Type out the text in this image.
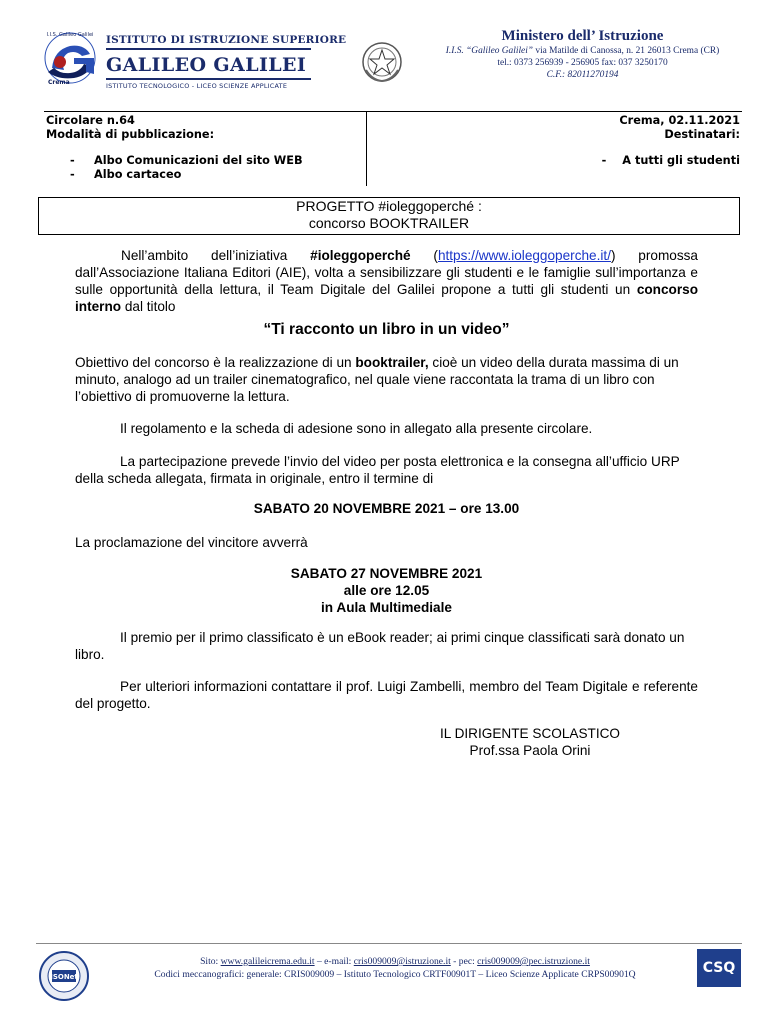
I.I.S. Galileo Galilei
Crema
ISTITUTO DI ISTRUZIONE SUPERIORE
GALILEO GALILEI
ISTITUTO TECNOLOGICO - LICEO SCIENZE APPLICATE
Ministero dell’ Istruzione
I.I.S. “Galileo Galilei” via Matilde di Canossa, n. 21 26013 Crema (CR)
tel.: 0373 256939 - 256905 fax: 037 3250170
C.F.: 82011270194
Circolare n.64
Modalità di pubblicazione:
- Albo Comunicazioni del sito WEB
- Albo cartaceo
Crema, 02.11.2021
Destinatari:
- A tutti gli studenti
PROGETTO #ioleggoperché :
concorso BOOKTRAILER
Nell’ambito dell’iniziativa #ioleggoperché (https://www.ioleggoperche.it/) promossa dall’Associazione Italiana Editori (AIE), volta a sensibilizzare gli studenti e le famiglie sull’importanza e sulle opportunità della lettura, il Team Digitale del Galilei propone a tutti gli studenti un concorso interno dal titolo
“Ti racconto un libro in un video”
Obiettivo del concorso è la realizzazione di un booktrailer, cioè un video della durata massima di un minuto, analogo ad un trailer cinematografico, nel quale viene raccontata la trama di un libro con l’obiettivo di promuoverne la lettura.
Il regolamento e la scheda di adesione sono in allegato alla presente circolare.
La partecipazione prevede l’invio del video per posta elettronica e la consegna all’ufficio URP della scheda allegata, firmata in originale, entro il termine di
SABATO 20 NOVEMBRE 2021 – ore 13.00
La proclamazione del vincitore avverrà
SABATO 27 NOVEMBRE 2021
alle ore 12.05
in Aula Multimediale
Il premio per il primo classificato è un eBook reader; ai primi cinque classificati sarà donato un libro.
Per ulteriori informazioni contattare il prof. Luigi Zambelli, membro del Team Digitale e referente del progetto.
IL DIRIGENTE SCOLASTICO
Prof.ssa Paola Orini
ISONet
Sito: www.galileicrema.edu.it – e-mail: cris009009@istruzione.it - pec: cris009009@pec.istruzione.it
Codici meccanografici: generale: CRIS009009 – Istituto Tecnologico CRTF00901T – Liceo Scienze Applicate CRPS00901Q	CSQ
